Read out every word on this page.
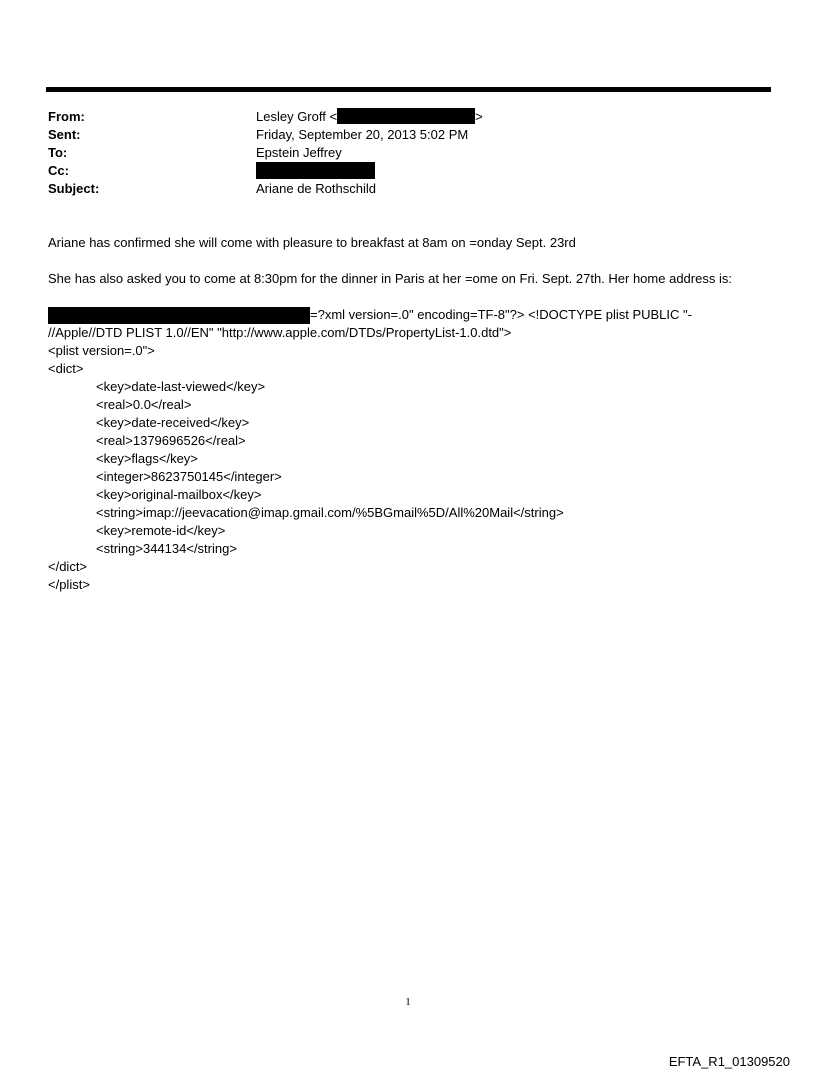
From:	Lesley Groff <	>
Sent:	Friday, September 20, 2013 5:02 PM
To:	Epstein Jeffrey
Cc:
Subject:	Ariane de Rothschild

Ariane has confirmed she will come with pleasure to breakfast at 8am on =onday Sept. 23rd

She has also asked you to come at 8:30pm for the dinner in Paris at her =ome on Fri. Sept. 27th. Her home address is:

=?xml version=.0" encoding=TF-8"?> <!DOCTYPE plist PUBLIC "-
//Apple//DTD PLIST 1.0//EN" "http://www.apple.com/DTDs/PropertyList-1.0.dtd">
<plist version=.0">
<dict>
<key>date-last-viewed</key>
<real>0.0</real>
<key>date-received</key>
<real>1379696526</real>
<key>flags</key>
<integer>8623750145</integer>
<key>original-mailbox</key>
<string>imap://jeevacation@imap.gmail.com/%5BGmail%5D/All%20Mail</string>
<key>remote-id</key>
<string>344134</string>
</dict>
</plist>
1
EFTA_R1_01309520
